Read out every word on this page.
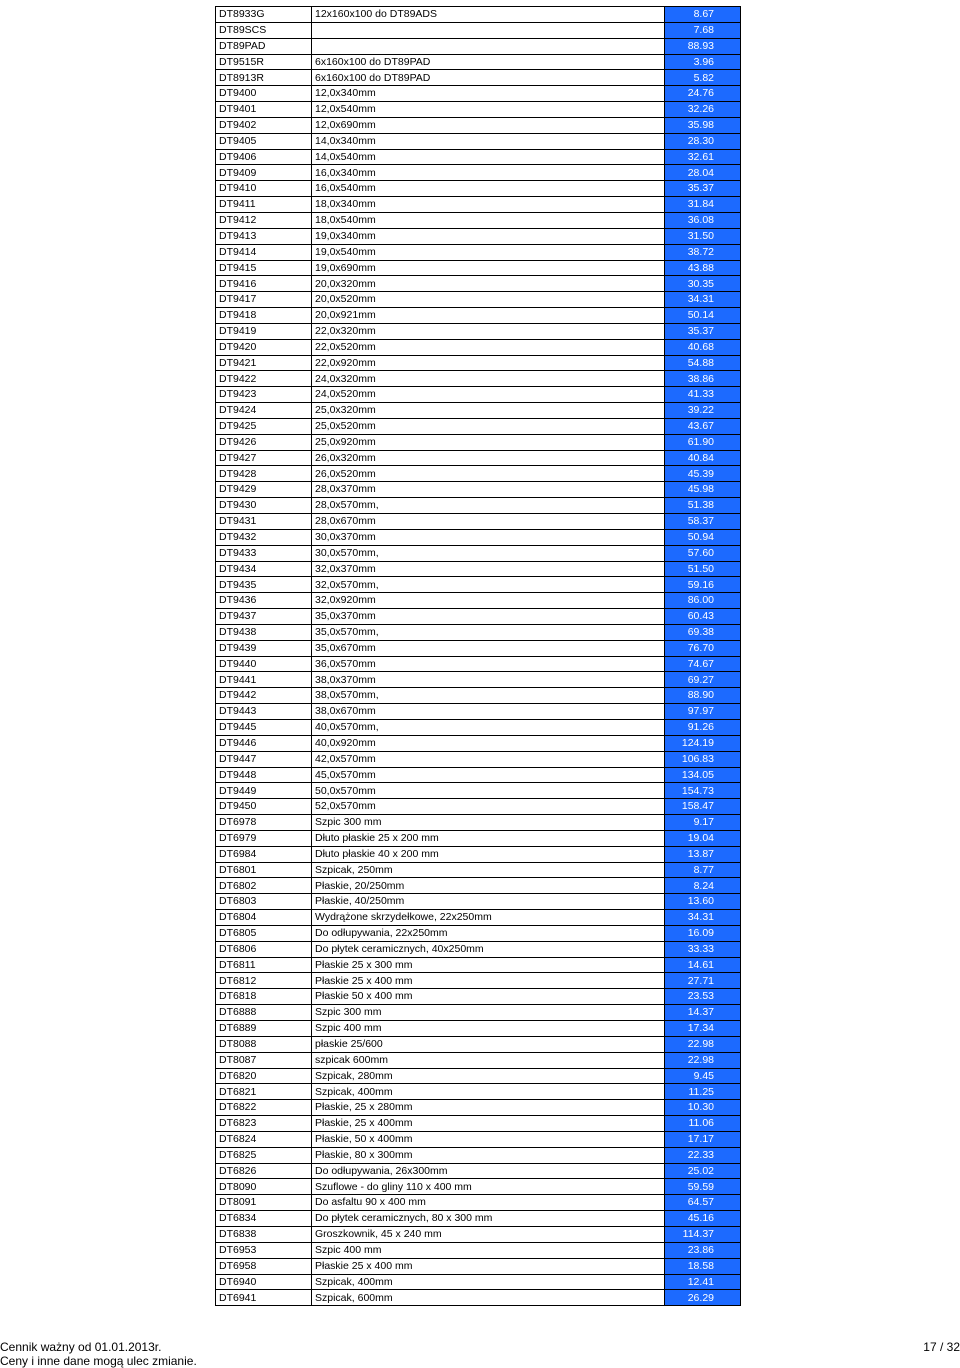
DT8933G	12x160x100 do DT89ADS	8.67
DT89SCS		7.68
DT89PAD		88.93
DT9515R	6x160x100 do DT89PAD	3.96
DT8913R	6x160x100 do DT89PAD	5.82
DT9400	12,0x340mm	24.76
DT9401	12,0x540mm	32.26
DT9402	12,0x690mm	35.98
DT9405	14,0x340mm	28.30
DT9406	14,0x540mm	32.61
DT9409	16,0x340mm	28.04
DT9410	16,0x540mm	35.37
DT9411	18,0x340mm	31.84
DT9412	18,0x540mm	36.08
DT9413	19,0x340mm	31.50
DT9414	19,0x540mm	38.72
DT9415	19,0x690mm	43.88
DT9416	20,0x320mm	30.35
DT9417	20,0x520mm	34.31
DT9418	20,0x921mm	50.14
DT9419	22,0x320mm	35.37
DT9420	22,0x520mm	40.68
DT9421	22,0x920mm	54.88
DT9422	24,0x320mm	38.86
DT9423	24,0x520mm	41.33
DT9424	25,0x320mm	39.22
DT9425	25,0x520mm	43.67
DT9426	25,0x920mm	61.90
DT9427	26,0x320mm	40.84
DT9428	26,0x520mm	45.39
DT9429	28,0x370mm	45.98
DT9430	28,0x570mm,	51.38
DT9431	28,0x670mm	58.37
DT9432	30,0x370mm	50.94
DT9433	30,0x570mm,	57.60
DT9434	32,0x370mm	51.50
DT9435	32,0x570mm,	59.16
DT9436	32,0x920mm	86.00
DT9437	35,0x370mm	60.43
DT9438	35,0x570mm,	69.38
DT9439	35,0x670mm	76.70
DT9440	36,0x570mm	74.67
DT9441	38,0x370mm	69.27
DT9442	38,0x570mm,	88.90
DT9443	38,0x670mm	97.97
DT9445	40,0x570mm,	91.26
DT9446	40,0x920mm	124.19
DT9447	42,0x570mm	106.83
DT9448	45,0x570mm	134.05
DT9449	50,0x570mm	154.73
DT9450	52,0x570mm	158.47
DT6978	Szpic 300 mm	9.17
DT6979	Dłuto płaskie 25 x 200 mm	19.04
DT6984	Dłuto płaskie 40 x 200 mm	13.87
DT6801	Szpicak, 250mm	8.77
DT6802	Płaskie, 20/250mm	8.24
DT6803	Płaskie, 40/250mm	13.60
DT6804	Wydrążone skrzydełkowe, 22x250mm	34.31
DT6805	Do odłupywania, 22x250mm	16.09
DT6806	Do płytek ceramicznych, 40x250mm	33.33
DT6811	Płaskie 25 x 300 mm	14.61
DT6812	Płaskie 25 x 400 mm	27.71
DT6818	Płaskie 50 x 400 mm	23.53
DT6888	Szpic 300 mm	14.37
DT6889	Szpic 400 mm	17.34
DT8088	płaskie 25/600	22.98
DT8087	szpicak 600mm	22.98
DT6820	Szpicak, 280mm	9.45
DT6821	Szpicak, 400mm	11.25
DT6822	Płaskie, 25 x 280mm	10.30
DT6823	Płaskie, 25 x 400mm	11.06
DT6824	Płaskie, 50 x 400mm	17.17
DT6825	Płaskie, 80 x 300mm	22.33
DT6826	Do odłupywania, 26x300mm	25.02
DT8090	Szuflowe - do gliny 110 x 400 mm	59.59
DT8091	Do asfaltu 90 x 400 mm	64.57
DT6834	Do płytek ceramicznych, 80 x 300 mm	45.16
DT6838	Groszkownik, 45 x 240 mm	114.37
DT6953	Szpic 400 mm	23.86
DT6958	Płaskie 25 x 400 mm	18.58
DT6940	Szpicak, 400mm	12.41
DT6941	Szpicak, 600mm	26.29
Cennik ważny od 01.01.2013r.
Ceny i inne dane mogą ulec zmianie.
17 / 32
